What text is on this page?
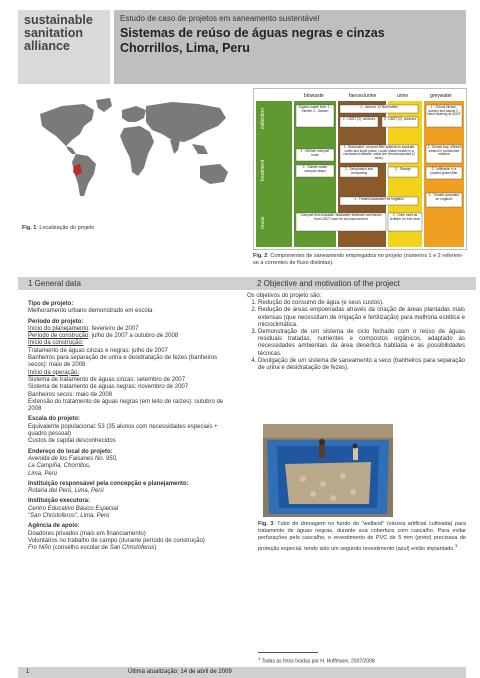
sustainable
sanitation
alliance
Estudo de caso de projetos em saneamento sustentável
Sistemas de reúso de águas negras e cinzas
Chorrillos, Lima, Peru
Fig. 1: Localização do projeto
biowaste	faeces/urine	urine	greywater
collection
treatment
reuse
Organic waste from: 1 - Kitchen 2 - Garden
1 - Indoors: 12 flush toilets
2 - UDDT (2), outdoors	2 - UDDT (2), outdoors
1 - School kitchen, laundry and basins 2 - Hand washing at UDDT
1 - Kitchen compost holes
2 - Garden waste compost heaps
1 - Blackwater: compost filter systems to separate solids and liquid phase. Liquid phase treated in a constructed wetland; solids are vermicomposted (2 beds).
2 - Dehydration and composting
2 - Storage
1 - Grease trap, effluent treated in constructed wetland
2 - Infiltration in a planted gravel filter
1 - Treated blackwater for irrigation
1 - Treated greywater for irrigation
Compost from biowaste, blackwater treatment and faeces from UDDT used for soil improvement
2 - Urine used as fertilizer for fruit trees
Fig. 2: Componentes de saneamento empregados no projeto (números 1 e 2 referem-se a correntes de fluxo distintas).
1 General data	2 Objective and motivation of the project
Tipo de projeto:
Melhoramento urbano demonstrado em escola
Período do projeto:
Início do planejamento: fevereiro de 2007
Período de construção: julho de 2007 a outubro de 2008
Início da construção:
Tratamento de águas cinzas e negras: julho de 2007
Banheiros para separação de urina e desidratação de fezes (banheiros secos): maio de 2008
Início da operação:
Sistema de tratamento de águas cinzas: setembro de 2007
Sistema de tratamento de águas negras: novembro de 2007
Banheiros secos: maio de 2008
Extensão do tratamento de águas negras (em leito de raízes): outubro de 2008
Escala do projeto:
Equivalente populacional: 53 (35 alunos com necessidades especiais + quadro pessoal)
Custos de capital desconhecidos
Endereço do local do projeto:
Avenida de los Faisanes No. 950,
La Campiña, Chorrillos,
Lima, Perú
Instituição responsável pela concepção e planejamento:
Rotaria del Perú, Lima, Perú
Instituição executora:
Centro Educativo Básico Especial
"San Christoferus", Lima, Perú
Agência de apoio:
Doadores privados (mais em financiamento)
Voluntários no trabalho de campo (durante período de construção)
Fro Niño (conselho escolar de San Christoferus)
Os objetivos do projeto são:
1. Redução do consumo de água (e seus custos).
2. Redução de áreas empoeiradas através da criação de áreas plantadas mais extensas (que necessitam de irrigação e fertilização) para melhoria estética e microclimática.
3. Demonstração de um sistema de ciclo fechado com o reúso de águas residuais tratadas, nutrientes e compostos orgânicos, adaptado às necessidades ambientais da área desértica habitada e às possibilidades técnicas.
4. Divulgação de um sistema de saneamento a seco (banheiros para separação de urina e desidratação de fezes).
Fig. 3: Tubo de drenagem no fundo do "wetland" (várzea artificial cultivada) para tratamento de águas negras, durante sua cobertura com cascalho. Para evitar perfurações pelo cascalho, o revestimento de PVC de 5 mm (preto) precisava de proteção especial, tendo sido um segundo revestimento (azul) então implantado.$^1$
$^1$ Todas as fotos tiradas por H. Hoffmann, 2007/2008
1	Última atualização: 14 de abril de 2009
